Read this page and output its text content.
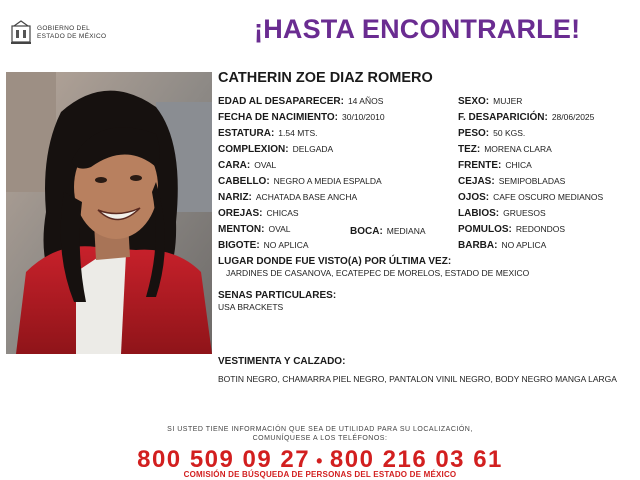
GOBIERNO DEL
ESTADO DE MÉXICO	¡HASTA ENCONTRARLE!
CATHERIN ZOE DIAZ ROMERO
EDAD AL DESAPARECER: 14 AÑOS
FECHA DE NACIMIENTO: 30/10/2010
ESTATURA: 1.54 MTS.
COMPLEXION: DELGADA
CARA: OVAL
CABELLO: NEGRO A MEDIA ESPALDA
NARIZ: ACHATADA BASE ANCHA
OREJAS: CHICAS
MENTON: OVAL	BOCA: MEDIANA
BIGOTE: NO APLICA
SEXO: MUJER
F. DESAPARICIÓN: 28/06/2025
PESO: 50 KGS.
TEZ: MORENA CLARA
FRENTE: CHICA
CEJAS: SEMIPOBLADAS
OJOS: CAFE OSCURO MEDIANOS
LABIOS: GRUESOS
POMULOS: REDONDOS
BARBA: NO APLICA
LUGAR DONDE FUE VISTO(A) POR ÚLTIMA VEZ:
JARDINES DE CASANOVA, ECATEPEC DE MORELOS, ESTADO DE MEXICO
SENAS PARTICULARES:
USA BRACKETS
VESTIMENTA Y CALZADO:
BOTIN NEGRO, CHAMARRA PIEL NEGRO, PANTALON VINIL NEGRO, BODY NEGRO MANGA LARGA
SI USTED TIENE INFORMACIÓN QUE SEA DE UTILIDAD PARA SU LOCALIZACIÓN,
COMUNÍQUESE A LOS TELÉFONOS:
800 509 09 27 • 800 216 03 61
COMISIÓN DE BÚSQUEDA DE PERSONAS DEL ESTADO DE MÉXICO
